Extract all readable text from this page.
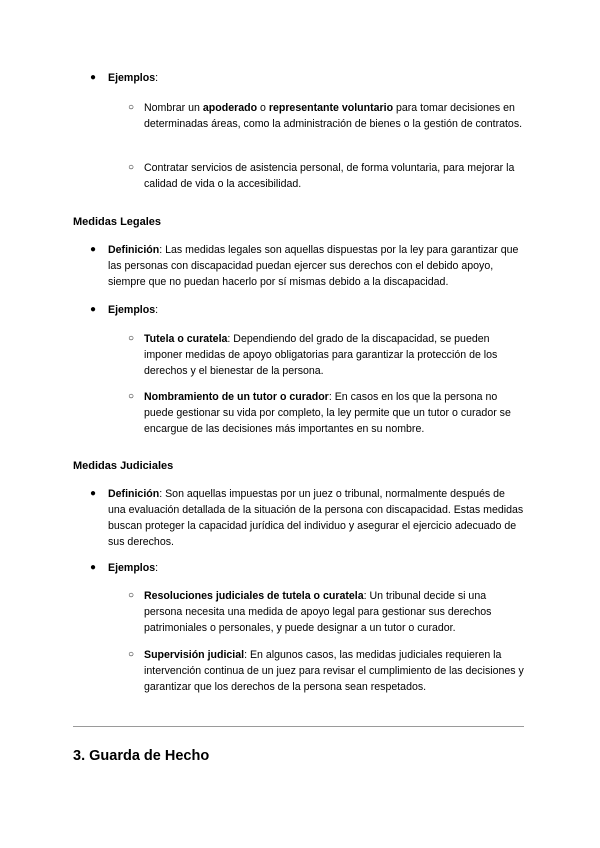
● Ejemplos:

○ Nombrar un apoderado o representante voluntario para tomar decisiones en determinadas áreas, como la administración de bienes o la gestión de contratos.

○ Contratar servicios de asistencia personal, de forma voluntaria, para mejorar la calidad de vida o la accesibilidad.

Medidas Legales

● Definición: Las medidas legales son aquellas dispuestas por la ley para garantizar que las personas con discapacidad puedan ejercer sus derechos con el debido apoyo, siempre que no puedan hacerlo por sí mismas debido a la discapacidad.

● Ejemplos:

○ Tutela o curatela: Dependiendo del grado de la discapacidad, se pueden imponer medidas de apoyo obligatorias para garantizar la protección de los derechos y el bienestar de la persona.

○ Nombramiento de un tutor o curador: En casos en los que la persona no puede gestionar su vida por completo, la ley permite que un tutor o curador se encargue de las decisiones más importantes en su nombre.

Medidas Judiciales

● Definición: Son aquellas impuestas por un juez o tribunal, normalmente después de una evaluación detallada de la situación de la persona con discapacidad. Estas medidas buscan proteger la capacidad jurídica del individuo y asegurar el ejercicio adecuado de sus derechos.

● Ejemplos:

○ Resoluciones judiciales de tutela o curatela: Un tribunal decide si una persona necesita una medida de apoyo legal para gestionar sus derechos patrimoniales o personales, y puede designar a un tutor o curador.

○ Supervisión judicial: En algunos casos, las medidas judiciales requieren la intervención continua de un juez para revisar el cumplimiento de las decisiones y garantizar que los derechos de la persona sean respetados.

3. Guarda de Hecho
